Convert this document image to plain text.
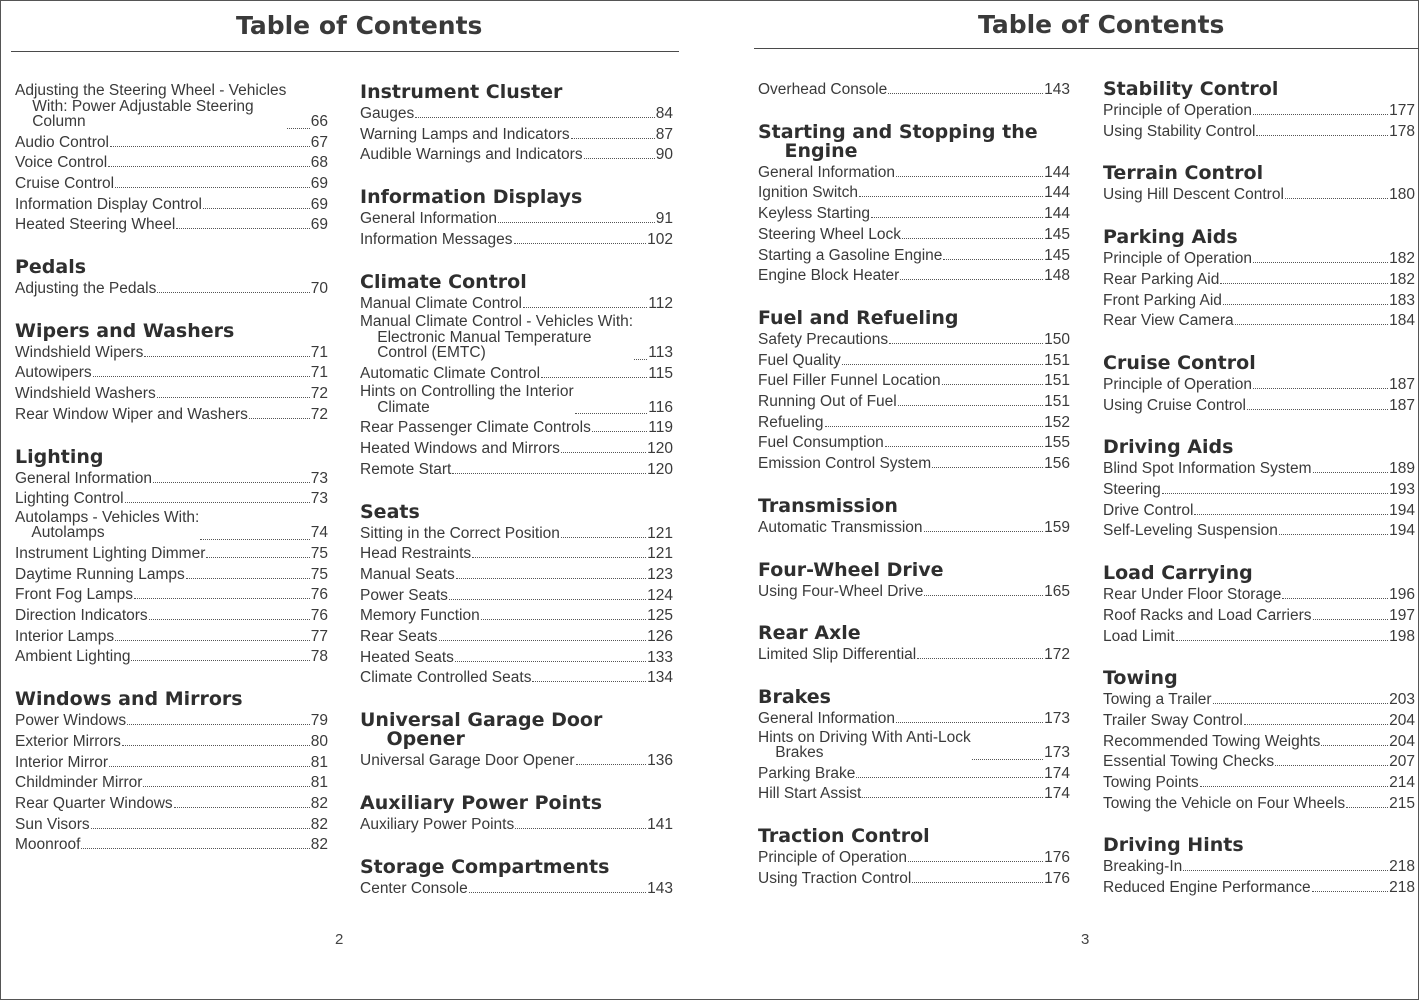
Table of Contents
Adjusting the Steering Wheel - Vehicles
With: Power Adjustable Steering
Column	66
Audio Control	67
Voice Control	68
Cruise Control	69
Information Display Control	69
Heated Steering Wheel	69
Pedals
Adjusting the Pedals	70
Wipers and Washers
Windshield Wipers	71
Autowipers	71
Windshield Washers	72
Rear Window Wiper and Washers	72
Lighting
General Information	73
Lighting Control	73
Autolamps - Vehicles With:
Autolamps	74
Instrument Lighting Dimmer	75
Daytime Running Lamps	75
Front Fog Lamps	76
Direction Indicators	76
Interior Lamps	77
Ambient Lighting	78
Windows and Mirrors
Power Windows	79
Exterior Mirrors	80
Interior Mirror	81
Childminder Mirror	81
Rear Quarter Windows	82
Sun Visors	82
Moonroof	82
Instrument Cluster
Gauges	84
Warning Lamps and Indicators	87
Audible Warnings and Indicators	90
Information Displays
General Information	91
Information Messages	102
Climate Control
Manual Climate Control	112
Manual Climate Control - Vehicles With:
Electronic Manual Temperature
Control (EMTC)	113
Automatic Climate Control	115
Hints on Controlling the Interior
Climate	116
Rear Passenger Climate Controls	119
Heated Windows and Mirrors	120
Remote Start	120
Seats
Sitting in the Correct Position	121
Head Restraints	121
Manual Seats	123
Power Seats	124
Memory Function	125
Rear Seats	126
Heated Seats	133
Climate Controlled Seats	134
Universal Garage Door
Opener
Universal Garage Door Opener	136
Auxiliary Power Points
Auxiliary Power Points	141
Storage Compartments
Center Console	143
2
Table of Contents
Overhead Console	143
Starting and Stopping the
Engine
General Information	144
Ignition Switch	144
Keyless Starting	144
Steering Wheel Lock	145
Starting a Gasoline Engine	145
Engine Block Heater	148
Fuel and Refueling
Safety Precautions	150
Fuel Quality	151
Fuel Filler Funnel Location	151
Running Out of Fuel	151
Refueling	152
Fuel Consumption	155
Emission Control System	156
Transmission
Automatic Transmission	159
Four-Wheel Drive
Using Four-Wheel Drive	165
Rear Axle
Limited Slip Differential	172
Brakes
General Information	173
Hints on Driving With Anti-Lock
Brakes	173
Parking Brake	174
Hill Start Assist	174
Traction Control
Principle of Operation	176
Using Traction Control	176
Stability Control
Principle of Operation	177
Using Stability Control	178
Terrain Control
Using Hill Descent Control	180
Parking Aids
Principle of Operation	182
Rear Parking Aid	182
Front Parking Aid	183
Rear View Camera	184
Cruise Control
Principle of Operation	187
Using Cruise Control	187
Driving Aids
Blind Spot Information System	189
Steering	193
Drive Control	194
Self-Leveling Suspension	194
Load Carrying
Rear Under Floor Storage	196
Roof Racks and Load Carriers	197
Load Limit	198
Towing
Towing a Trailer	203
Trailer Sway Control	204
Recommended Towing Weights	204
Essential Towing Checks	207
Towing Points	214
Towing the Vehicle on Four Wheels	215
Driving Hints
Breaking-In	218
Reduced Engine Performance	218
3
